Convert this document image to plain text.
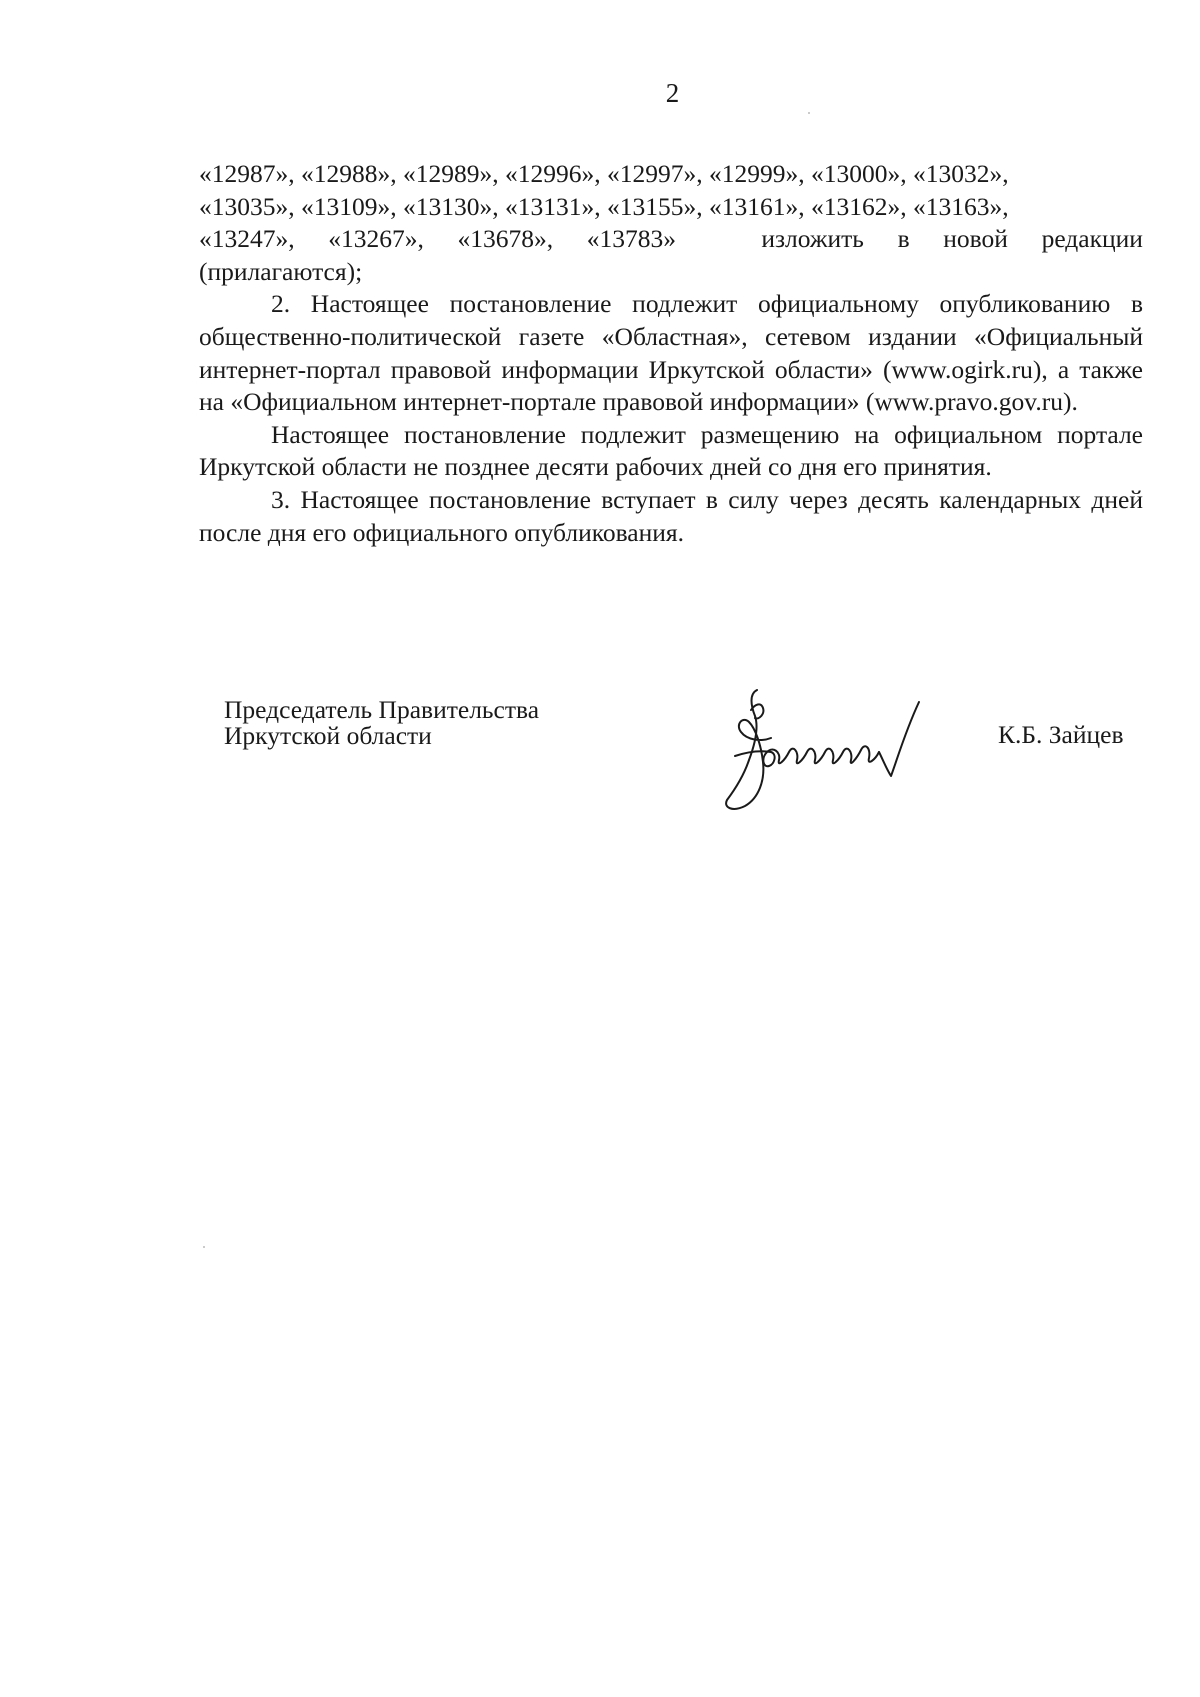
2
«12987», «12988», «12989», «12996», «12997», «12999», «13000», «13032»,
«13035», «13109», «13130», «13131», «13155», «13161», «13162», «13163»,
«13247», «13267», «13678», «13783»	изложить в новой редакции

(прилагаются);

2. Настоящее постановление подлежит официальному опубликованию в общественно-политической газете «Областная», сетевом издании «Официальный интернет-портал правовой информации Иркутской области» (www.ogirk.ru), а также на «Официальном интернет-портале правовой информации» (www.pravo.gov.ru).

Настоящее постановление подлежит размещению на официальном портале Иркутской области не позднее десяти рабочих дней со дня его принятия.

3. Настоящее постановление вступает в силу через десять календарных дней после дня его официального опубликования.

Председатель Правительства
Иркутской области	К.Б. Зайцев
